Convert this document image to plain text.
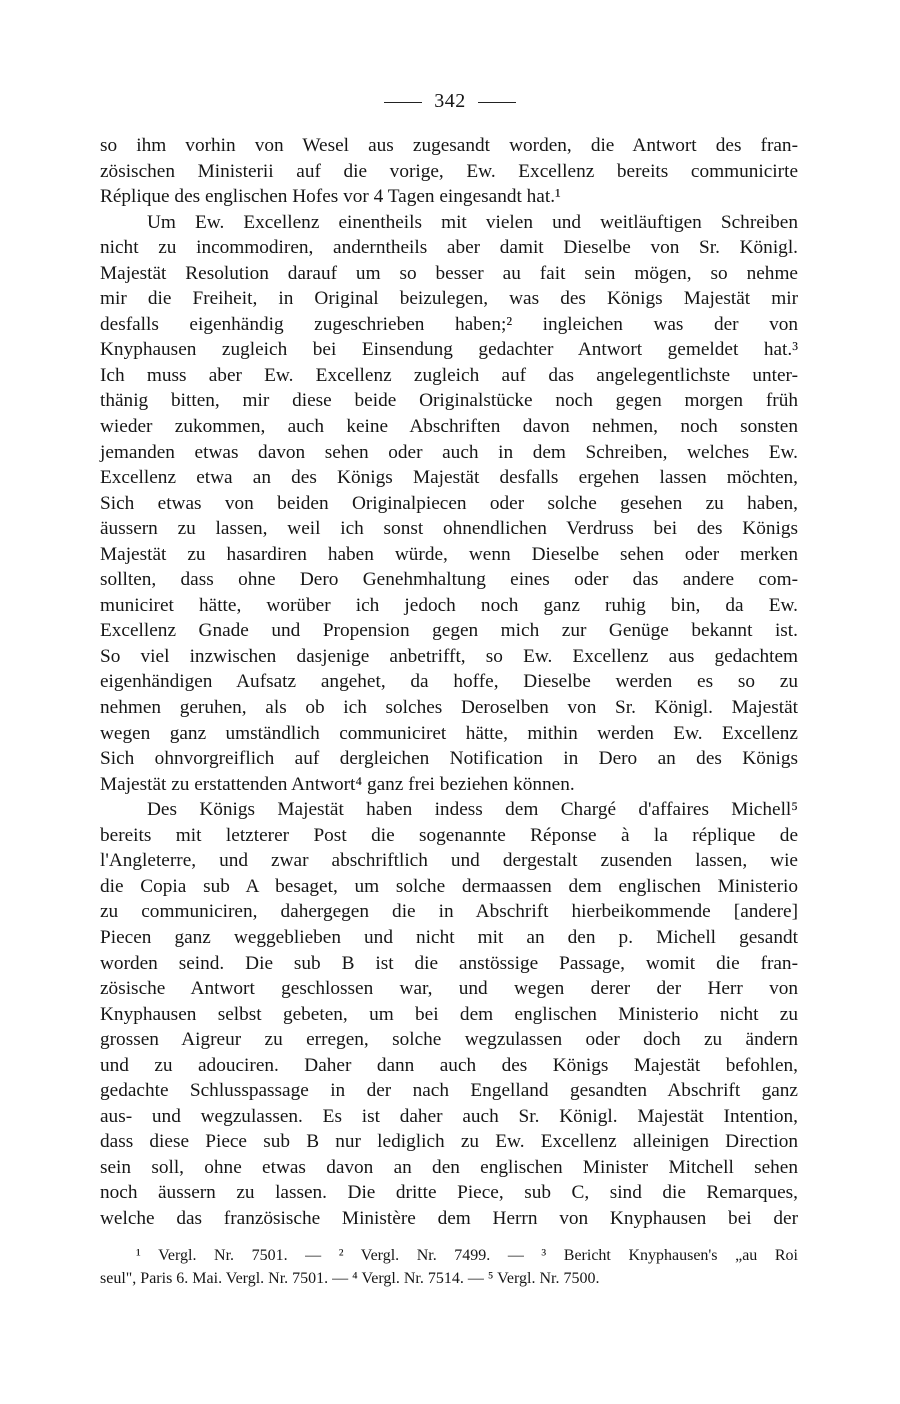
342
so ihm vorhin von Wesel aus zugesandt worden, die Antwort des fran-
zösischen Ministerii auf die vorige, Ew. Excellenz bereits communicirte
Réplique des englischen Hofes vor 4 Tagen eingesandt hat.¹
Um Ew. Excellenz einentheils mit vielen und weitläuftigen Schreiben
nicht zu incommodiren, anderntheils aber damit Dieselbe von Sr. Königl.
Majestät Resolution darauf um so besser au fait sein mögen, so nehme
mir die Freiheit, in Original beizulegen, was des Königs Majestät mir
desfalls eigenhändig zugeschrieben haben;² ingleichen was der von
Knyphausen zugleich bei Einsendung gedachter Antwort gemeldet hat.³
Ich muss aber Ew. Excellenz zugleich auf das angelegentlichste unter-
thänig bitten, mir diese beide Originalstücke noch gegen morgen früh
wieder zukommen, auch keine Abschriften davon nehmen, noch sonsten
jemanden etwas davon sehen oder auch in dem Schreiben, welches Ew.
Excellenz etwa an des Königs Majestät desfalls ergehen lassen möchten,
Sich etwas von beiden Originalpiecen oder solche gesehen zu haben,
äussern zu lassen, weil ich sonst ohnendlichen Verdruss bei des Königs
Majestät zu hasardiren haben würde, wenn Dieselbe sehen oder merken
sollten, dass ohne Dero Genehmhaltung eines oder das andere com-
municiret hätte, worüber ich jedoch noch ganz ruhig bin, da Ew.
Excellenz Gnade und Propension gegen mich zur Genüge bekannt ist.
So viel inzwischen dasjenige anbetrifft, so Ew. Excellenz aus gedachtem
eigenhändigen Aufsatz angehet, da hoffe, Dieselbe werden es so zu
nehmen geruhen, als ob ich solches Deroselben von Sr. Königl. Majestät
wegen ganz umständlich communiciret hätte, mithin werden Ew. Excellenz
Sich ohnvorgreiflich auf dergleichen Notification in Dero an des Königs
Majestät zu erstattenden Antwort⁴ ganz frei beziehen können.
Des Königs Majestät haben indess dem Chargé d'affaires Michell⁵
bereits mit letzterer Post die sogenannte Réponse à la réplique de
l'Angleterre, und zwar abschriftlich und dergestalt zusenden lassen, wie
die Copia sub A besaget, um solche dermaassen dem englischen Ministerio
zu communiciren, dahergegen die in Abschrift hierbeikommende [andere]
Piecen ganz weggeblieben und nicht mit an den p. Michell gesandt
worden seind. Die sub B ist die anstössige Passage, womit die fran-
zösische Antwort geschlossen war, und wegen derer der Herr von
Knyphausen selbst gebeten, um bei dem englischen Ministerio nicht zu
grossen Aigreur zu erregen, solche wegzulassen oder doch zu ändern
und zu adouciren. Daher dann auch des Königs Majestät befohlen,
gedachte Schlusspassage in der nach Engelland gesandten Abschrift ganz
aus- und wegzulassen. Es ist daher auch Sr. Königl. Majestät Intention,
dass diese Piece sub B nur lediglich zu Ew. Excellenz alleinigen Direction
sein soll, ohne etwas davon an den englischen Minister Mitchell sehen
noch äussern zu lassen. Die dritte Piece, sub C, sind die Remarques,
welche das französische Ministère dem Herrn von Knyphausen bei der
¹ Vergl. Nr. 7501. — ² Vergl. Nr. 7499. — ³ Bericht Knyphausen's „au Roi
seul", Paris 6. Mai. Vergl. Nr. 7501. — ⁴ Vergl. Nr. 7514. — ⁵ Vergl. Nr. 7500.
